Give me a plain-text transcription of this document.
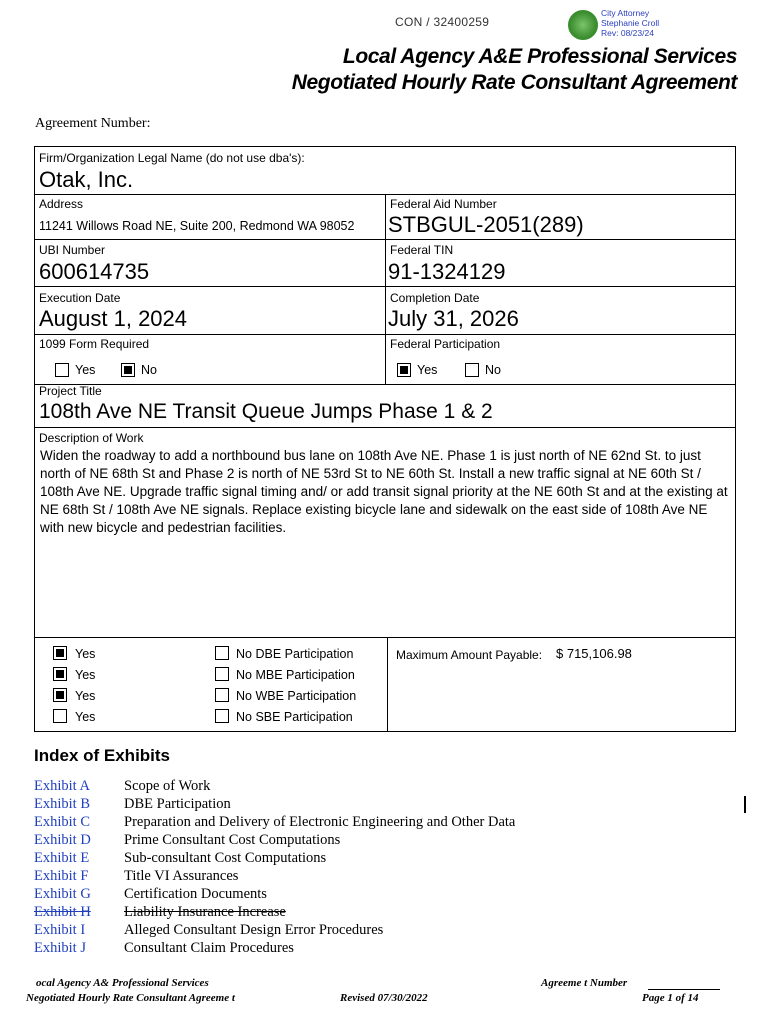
CON / 32400259
City Attorney
Stephanie Croll
Rev: 08/23/24
Local Agency A&E Professional Services
Negotiated Hourly Rate Consultant Agreement
Agreement Number:
Firm/Organization Legal Name (do not use dba's):
Otak, Inc.
Address
11241 Willows Road NE, Suite 200, Redmond WA 98052
Federal Aid Number
STBGUL-2051(289)
UBI Number
600614735
Federal TIN
91-1324129
Execution Date
August 1, 2024
Completion Date
July 31, 2026
1099 Form Required
Yes	No
Federal Participation
Yes	No
Project Title
108th Ave NE Transit Queue Jumps Phase 1 & 2
Description of Work
Widen the roadway to add a northbound bus lane on 108th Ave NE. Phase 1 is just north of NE 62nd St. to just north of NE 68th St and Phase 2 is north of NE 53rd St to NE 60th St. Install a new traffic signal at NE 60th St / 108th Ave NE. Upgrade traffic signal timing and/ or add transit signal priority at the NE 60th St and at the existing at NE 68th St / 108th Ave NE signals. Replace existing bicycle lane and sidewalk on the east side of 108th Ave NE with new bicycle and pedestrian facilities.
Yes	No DBE Participation
Yes	No MBE Participation
Yes	No WBE Participation
Yes	No SBE Participation
Maximum Amount Payable: $ 715,106.98
Index of Exhibits
Exhibit A Scope of Work
Exhibit B DBE Participation
Exhibit C Preparation and Delivery of Electronic Engineering and Other Data
Exhibit D Prime Consultant Cost Computations
Exhibit E Sub-consultant Cost Computations
Exhibit F Title VI Assurances
Exhibit G Certification Documents
Exhibit H Liability Insurance Increase
Exhibit I	Alleged Consultant Design Error Procedures
Exhibit J	Consultant Claim Procedures
ocal Agency A& Professional Services
Negotiated Hourly Rate Consultant Agreeme t	Revised 07/30/2022
Agreeme t Number
Page 1 of 14
